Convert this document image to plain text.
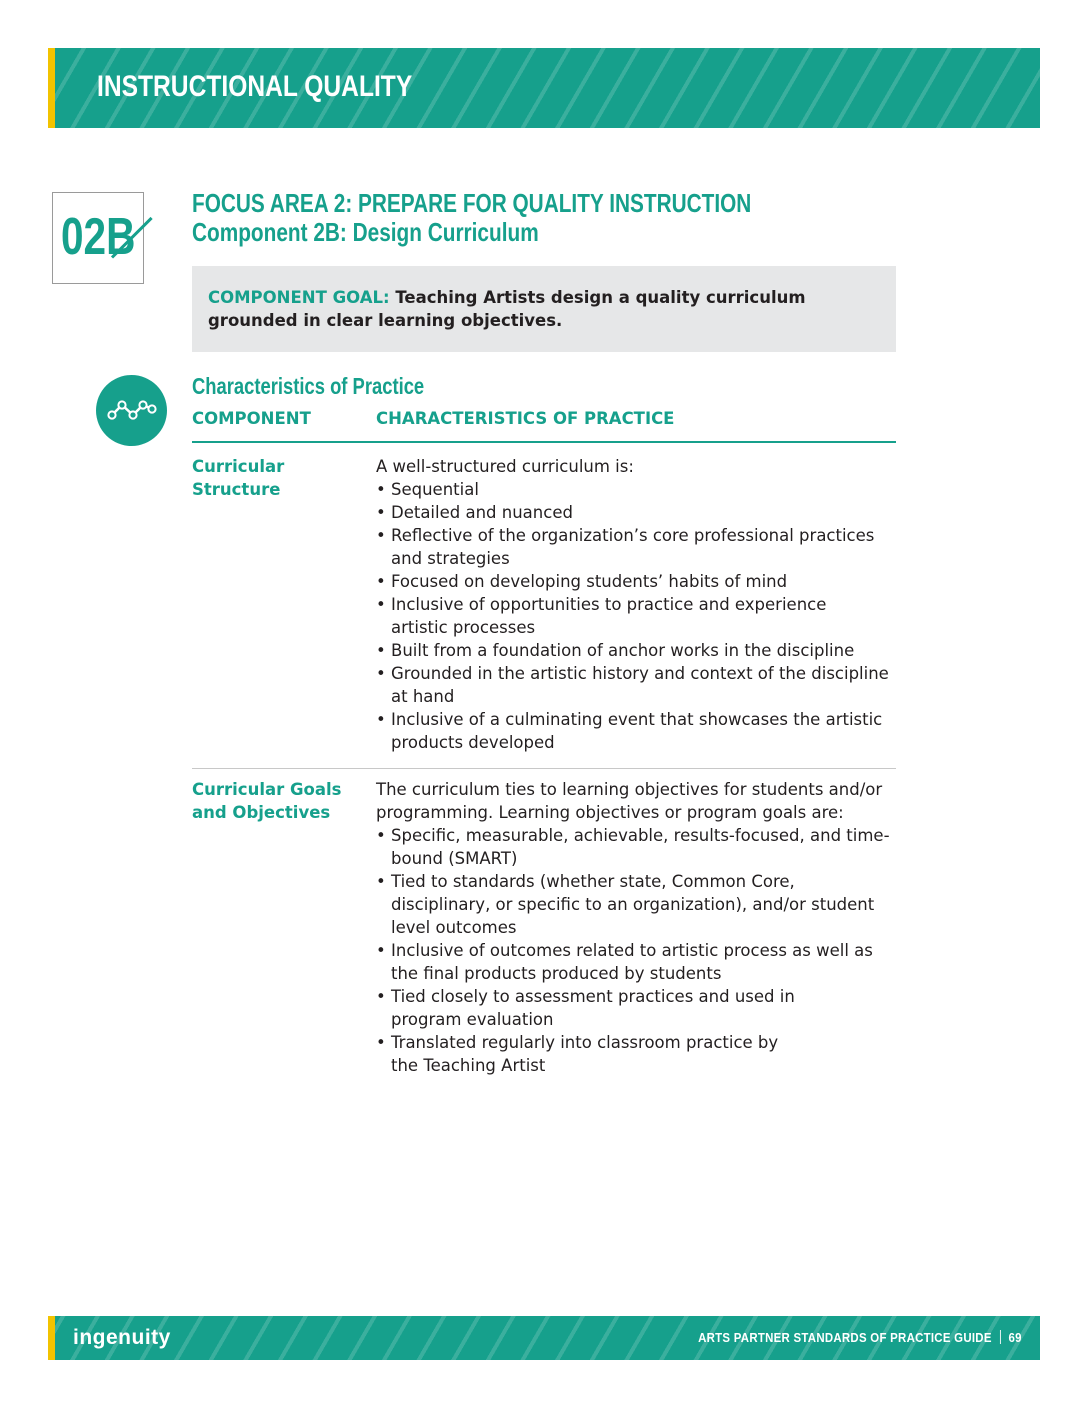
INSTRUCTIONAL QUALITY
02B
FOCUS AREA 2: PREPARE FOR QUALITY INSTRUCTION
Component 2B: Design Curriculum
COMPONENT GOAL: Teaching Artists design a quality curriculum grounded in clear learning objectives.
Characteristics of Practice
COMPONENT	CHARACTERISTICS OF PRACTICE
Curricular Structure
A well-structured curriculum is:
• Sequential
• Detailed and nuanced
• Reflective of the organization’s core professional practices and strategies
• Focused on developing students’ habits of mind
• Inclusive of opportunities to practice and experience artistic processes
• Built from a foundation of anchor works in the discipline
• Grounded in the artistic history and context of the discipline at hand
• Inclusive of a culminating event that showcases the artistic products developed
Curricular Goals and Objectives
The curriculum ties to learning objectives for students and/or programming. Learning objectives or program goals are:
• Specific, measurable, achievable, results-focused, and time-bound (SMART)
• Tied to standards (whether state, Common Core, disciplinary, or specific to an organization), and/or student level outcomes
• Inclusive of outcomes related to artistic process as well as the final products produced by students
• Tied closely to assessment practices and used in program evaluation
• Translated regularly into classroom practice by the Teaching Artist
ingenuity	ARTS PARTNER STANDARDS OF PRACTICE GUIDE 69
